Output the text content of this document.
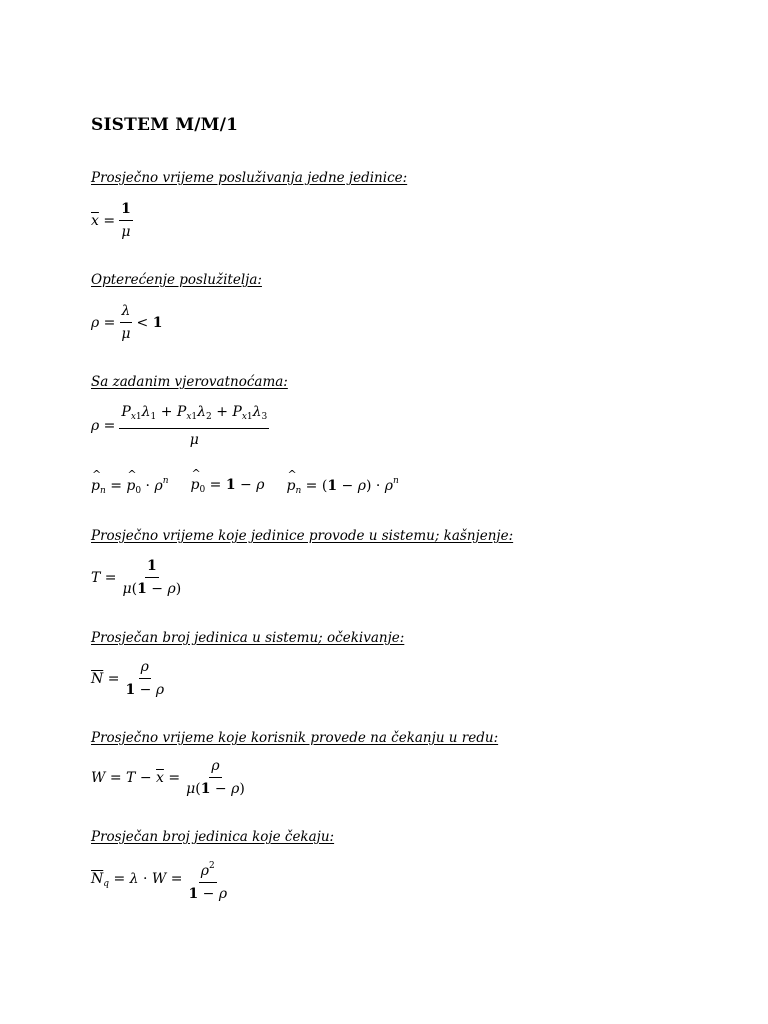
SISTEM M/M/1
Prosječno vrijeme posluživanja jedne jedinice:
$\overline{x} = \frac{1}{\mu}$
Opterećenje poslužitelja:
$\rho = \frac{\lambda}{\mu} < 1$
Sa zadanim vjerovatnoćama:
$\rho = \frac{P_{x1}\lambda_1 + P_{x1}\lambda_2 + P_{x1}\lambda_3}{\mu}$
^ $p_n$ = ^ $p_0 \cdot \rho^n$ ^ $p_0 = 1 - \rho$ ^ $p_n = (1 - \rho) \cdot \rho^n$
Prosječno vrijeme koje jedinice provode u sistemu; kašnjenje:
$T = \frac{1}{\mu(1 - \rho)}$
Prosječan broj jedinica u sistemu; očekivanje:
$\overline{N} = \frac{\rho}{1 - \rho}$
Prosječno vrijeme koje korisnik provede na čekanju u redu:
$W = T - \overline{x} = \frac{\rho}{\mu(1 - \rho)}$
Prosječan broj jedinica koje čekaju:
$\overline{N}_q = \lambda \cdot W = \frac{\rho^2}{1 - \rho}$
